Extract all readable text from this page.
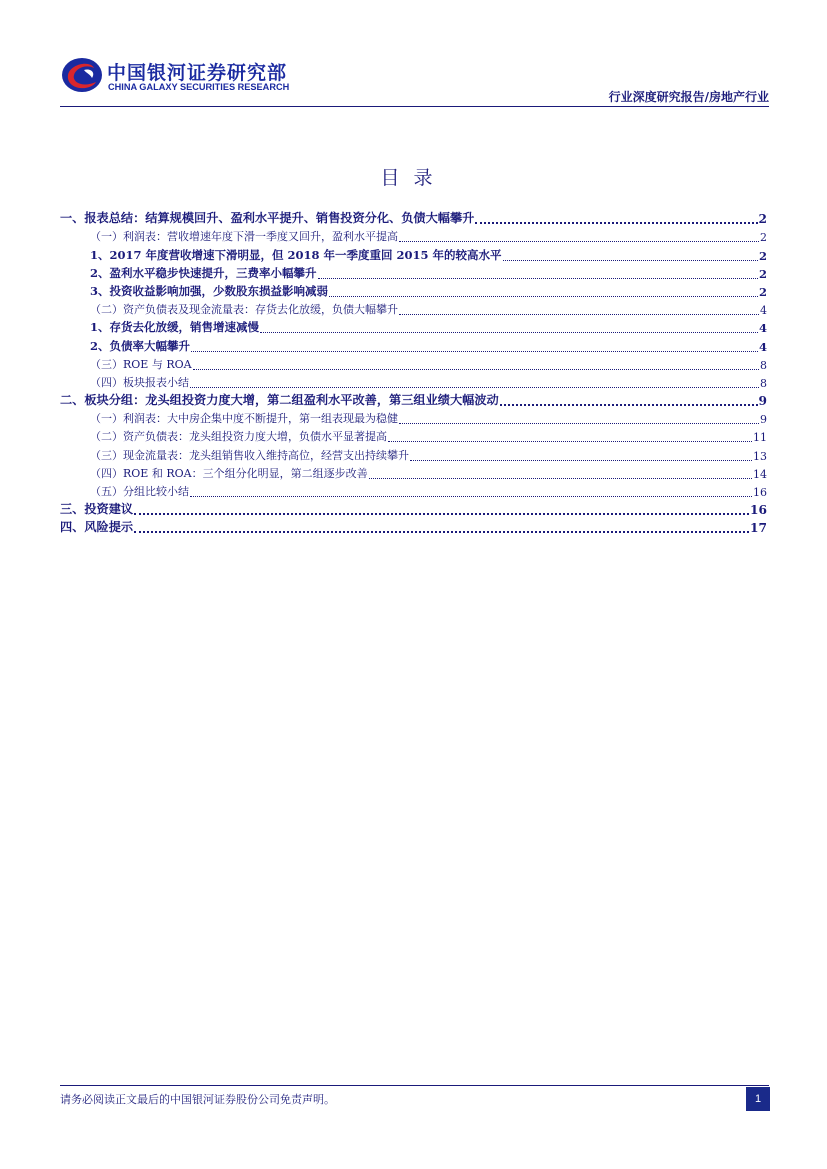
中国银河证券研究部
CHINA GALAXY SECURITIES RESEARCH
行业深度研究报告/房地产行业
目录
一、报表总结：结算规模回升、盈利水平提升、销售投资分化、负债大幅攀升	2
（一）利润表：营收增速年度下滑一季度又回升，盈利水平提高	2
1、2017 年度营收增速下滑明显，但 2018 年一季度重回 2015 年的较高水平	2
2、盈利水平稳步快速提升，三费率小幅攀升	2
3、投资收益影响加强，少数股东损益影响减弱	2
（二）资产负债表及现金流量表：存货去化放缓，负债大幅攀升	4
1、存货去化放缓，销售增速减慢	4
2、负债率大幅攀升	4
（三）ROE 与 ROA	8
（四）板块报表小结	8
二、板块分组：龙头组投资力度大增，第二组盈利水平改善，第三组业绩大幅波动	9
（一）利润表：大中房企集中度不断提升，第一组表现最为稳健	9
（二）资产负债表：龙头组投资力度大增，负债水平显著提高	11
（三）现金流量表：龙头组销售收入维持高位，经营支出持续攀升	13
（四）ROE 和 ROA：三个组分化明显，第二组逐步改善	14
（五）分组比较小结	16
三、投资建议	16
四、风险提示	17
请务必阅读正文最后的中国银河证券股份公司免责声明。	1
